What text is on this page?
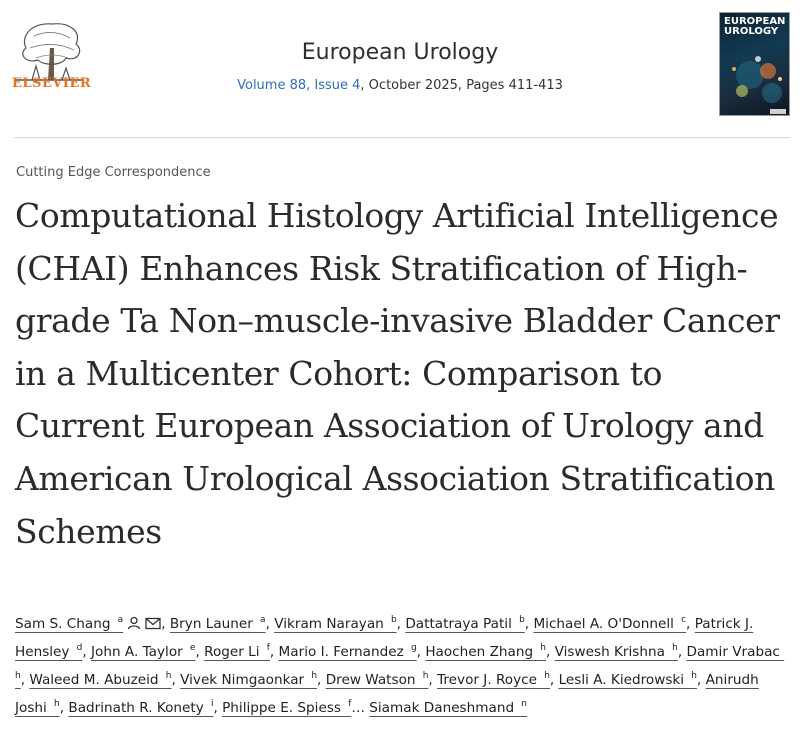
ELSEVIER
European Urology
Volume 88, Issue 4, October 2025, Pages 411-413
EUROPEAN
UROLOGY
Cutting Edge Correspondence
Computational Histology Artificial Intelligence (CHAI) Enhances Risk Stratification of High-grade Ta Non–muscle-invasive Bladder Cancer in a Multicenter Cohort: Comparison to Current European Association of Urology and American Urological Association Stratification Schemes
Sam S. Chang  $^a$	, Bryn Launer  $^a$, Vikram Narayan  $^b$, Dattatraya Patil  $^b$, Michael A. O'Donnell  $^c$, Patrick J. Hensley  $^d$, John A. Taylor  $^e$, Roger Li  $^f$, Mario I. Fernandez  $^g$, Haochen Zhang  $^h$, Viswesh Krishna  $^h$, Damir Vrabac  $^h$, Waleed M. Abuzeid  $^h$, Vivek Nimgaonkar  $^h$, Drew Watson  $^h$, Trevor J. Royce  $^h$, Lesli A. Kiedrowski  $^h$, Anirudh Joshi  $^h$, Badrinath R. Konety  $^i$, Philippe E. Spiess  $^f$… Siamak Daneshmand  $^n$
